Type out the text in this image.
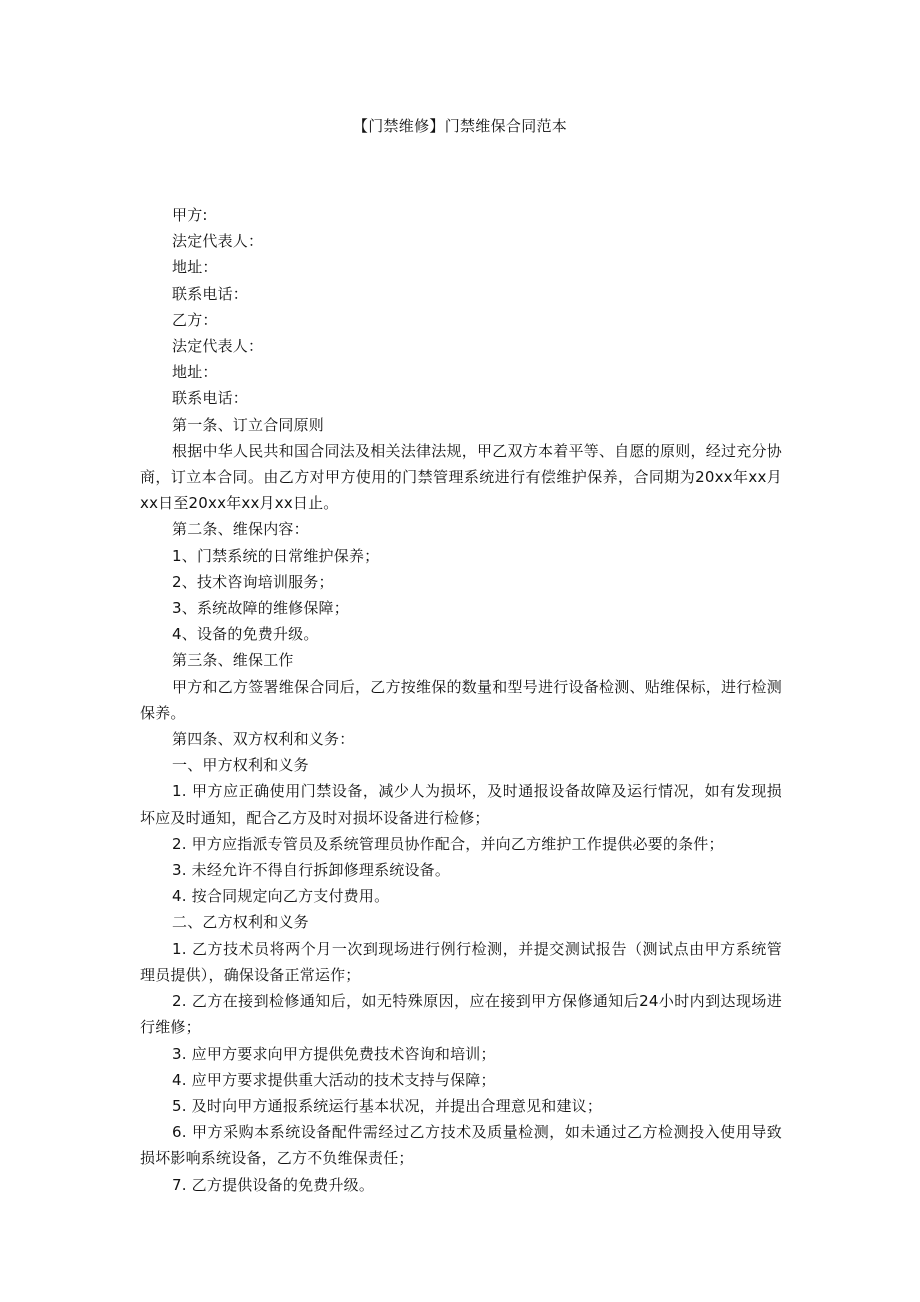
【门禁维修】门禁维保合同范本

甲方:

法定代表人：

地址：

联系电话：

乙方：

法定代表人：

地址：

联系电话：

第一条、订立合同原则

根据中华人民共和国合同法及相关法律法规，甲乙双方本着平等、自愿的原则，经过充分协商，订立本合同。由乙方对甲方使用的门禁管理系统进行有偿维护保养，合同期为20xx年xx月xx日至20xx年xx月xx日止。

第二条、维保内容：

1、门禁系统的日常维护保养；

2、技术咨询培训服务；

3、系统故障的维修保障；

4、设备的免费升级。

第三条、维保工作

甲方和乙方签署维保合同后，乙方按维保的数量和型号进行设备检测、贴维保标，进行检测保养。

第四条、双方权利和义务：

一、甲方权利和义务

1. 甲方应正确使用门禁设备，减少人为损坏，及时通报设备故障及运行情况，如有发现损坏应及时通知，配合乙方及时对损坏设备进行检修；

2. 甲方应指派专管员及系统管理员协作配合，并向乙方维护工作提供必要的条件；

3. 未经允许不得自行拆卸修理系统设备。

4. 按合同规定向乙方支付费用。

二、乙方权利和义务

1. 乙方技术员将两个月一次到现场进行例行检测，并提交测试报告（测试点由甲方系统管理员提供），确保设备正常运作；

2. 乙方在接到检修通知后，如无特殊原因，应在接到甲方保修通知后24小时内到达现场进行维修；

3. 应甲方要求向甲方提供免费技术咨询和培训；

4. 应甲方要求提供重大活动的技术支持与保障；

5. 及时向甲方通报系统运行基本状况，并提出合理意见和建议；

6. 甲方采购本系统设备配件需经过乙方技术及质量检测，如未通过乙方检测投入使用导致损坏影响系统设备，乙方不负维保责任；

7. 乙方提供设备的免费升级。
